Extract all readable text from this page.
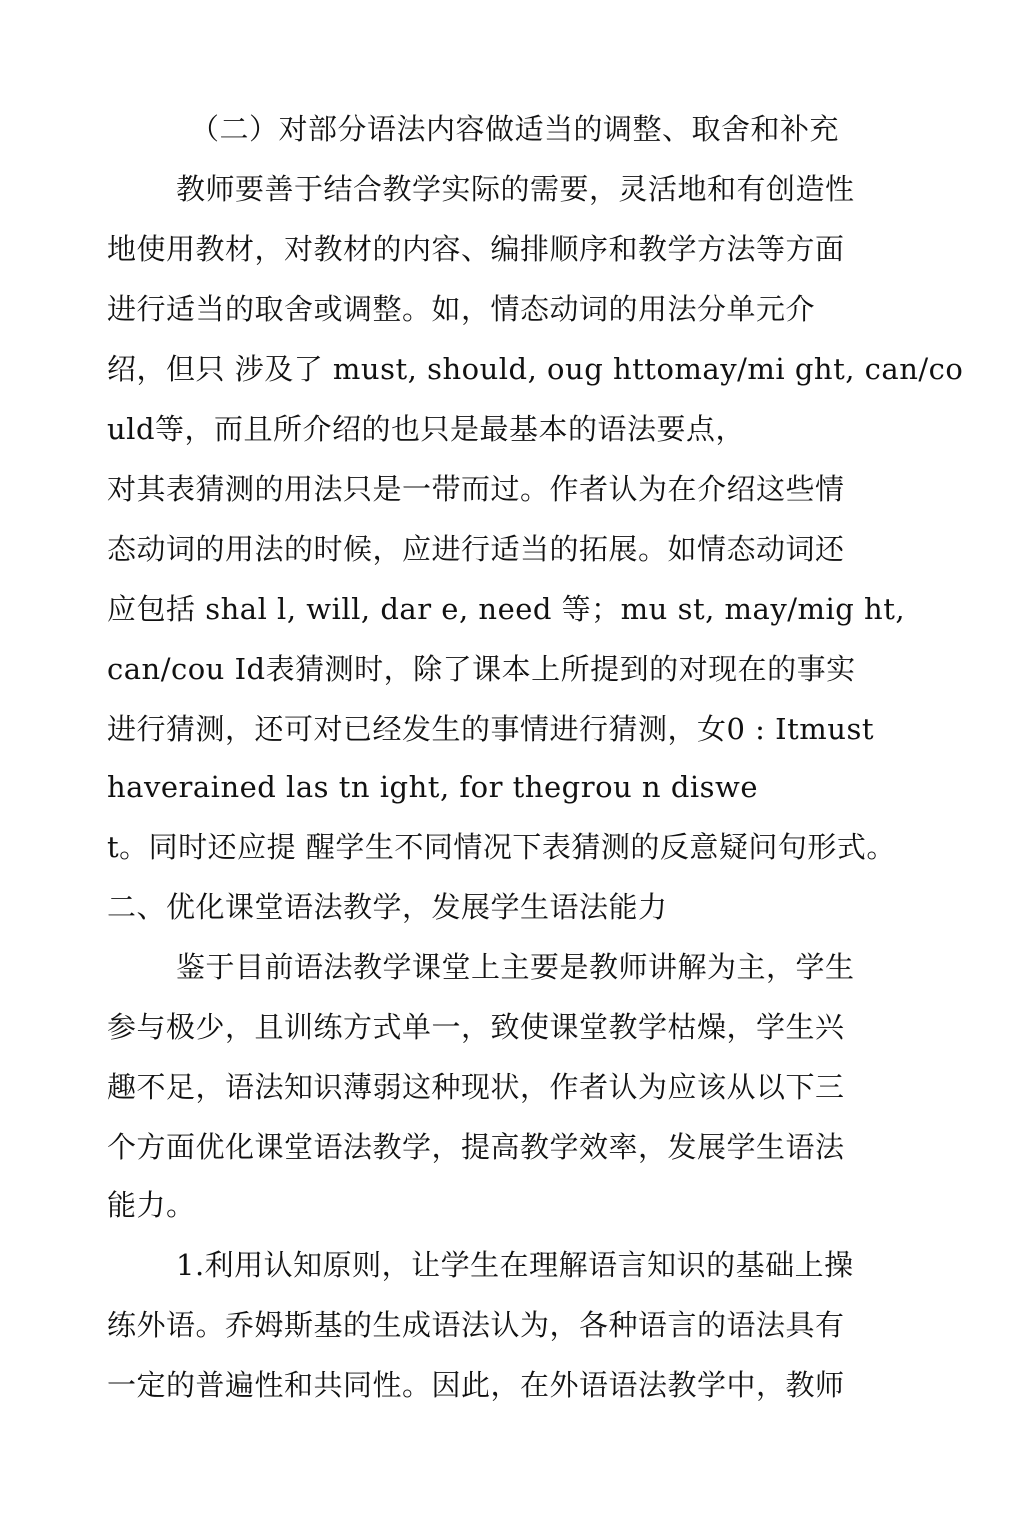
（二）对部分语法内容做适当的调整、取舍和补充
教师要善于结合教学实际的需要，灵活地和有创造性
地使用教材，对教材的内容、编排顺序和教学方法等方面
进行适当的取舍或调整。如，情态动词的用法分单元介
绍，但只 涉及了 must, should, oug httomay/mi ght, can/co
uld等，而且所介绍的也只是最基本的语法要点，
对其表猜测的用法只是一带而过。作者认为在介绍这些情
态动词的用法的时候，应进行适当的拓展。如情态动词还
应包括 shal l, will, dar e, need 等；mu st, may/mig ht,
can/cou Id表猜测时，除了课本上所提到的对现在的事实
进行猜测，还可对已经发生的事情进行猜测，女0 : Itmust
haverained las tn ight, for thegrou n diswe
t。同时还应提 醒学生不同情况下表猜测的反意疑问句形式。
二、优化课堂语法教学，发展学生语法能力
鉴于目前语法教学课堂上主要是教师讲解为主，学生
参与极少，且训练方式单一，致使课堂教学枯燥，学生兴
趣不足，语法知识薄弱这种现状，作者认为应该从以下三
个方面优化课堂语法教学，提高教学效率，发展学生语法
能力。
1.利用认知原则，让学生在理解语言知识的基础上操
练外语。乔姆斯基的生成语法认为，各种语言的语法具有
一定的普遍性和共同性。因此，在外语语法教学中，教师
